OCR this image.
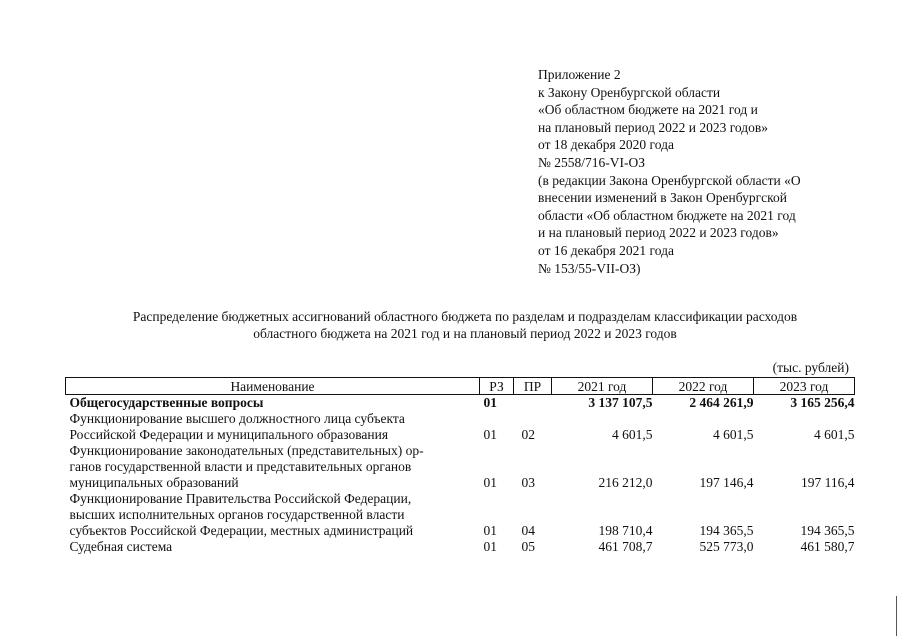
Приложение 2
к Закону Оренбургской области
«Об областном бюджете на 2021 год и
на плановый период 2022 и 2023 годов»
от 18 декабря 2020 года
№ 2558/716-VI-ОЗ
(в редакции Закона Оренбургской области «О
внесении изменений в Закон Оренбургской
области «Об областном бюджете на 2021 год
и на плановый период 2022 и 2023 годов»
от 16 декабря 2021 года
№ 153/55-VII-ОЗ)
Распределение бюджетных ассигнований областного бюджета по разделам и подразделам классификации расходов
областного бюджета на 2021 год и на плановый период 2022 и 2023 годов
(тыс. рублей)
Наименование	РЗ	ПР	2021 год	2022 год	2023 год

Общегосударственные вопросы	01		3 137 107,5	2 464 261,9	3 165 256,4

Функционирование высшего должностного лица субъекта
Российской Федерации и муниципального образования	01	02	4 601,5	4 601,5	4 601,5

Функционирование законодательных (представительных) ор-
ганов государственной власти и представительных органов
муниципальных образований	01	03	216 212,0	197 146,4	197 116,4

Функционирование Правительства Российской Федерации,
высших исполнительных органов государственной власти
субъектов Российской Федерации, местных администраций	01	04	198 710,4	194 365,5	194 365,5

Судебная система	01	05	461 708,7	525 773,0	461 580,7
